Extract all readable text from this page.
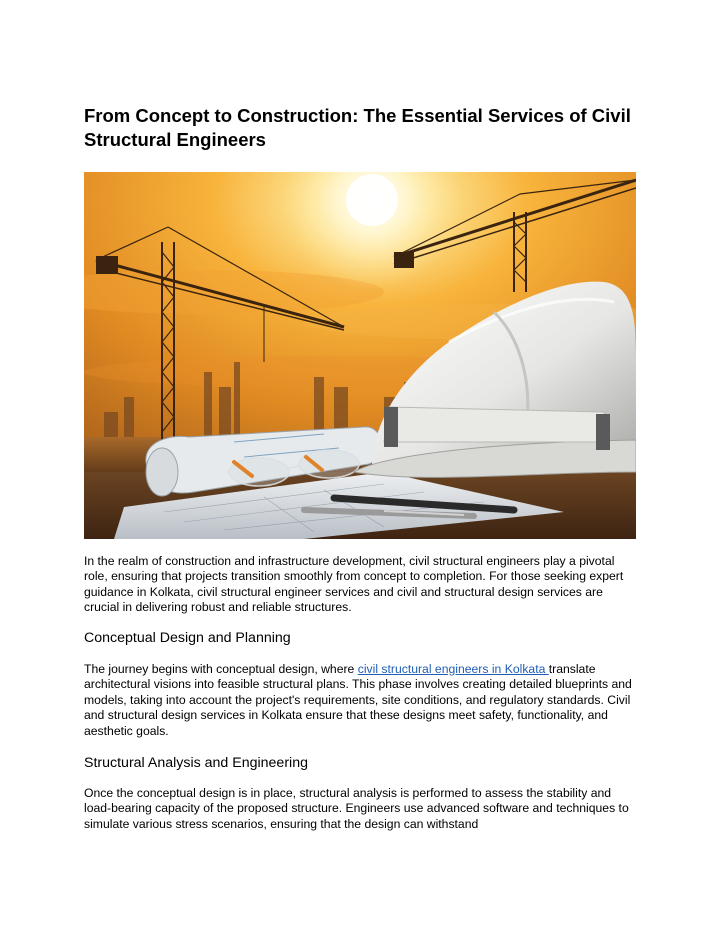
From Concept to Construction: The Essential Services of Civil Structural Engineers

In the realm of construction and infrastructure development, civil structural engineers play a pivotal role, ensuring that projects transition smoothly from concept to completion. For those seeking expert guidance in Kolkata, civil structural engineer services and civil and structural design services are crucial in delivering robust and reliable structures.

Conceptual Design and Planning

The journey begins with conceptual design, where civil structural engineers in Kolkata translate architectural visions into feasible structural plans. This phase involves creating detailed blueprints and models, taking into account the project's requirements, site conditions, and regulatory standards. Civil and structural design services in Kolkata ensure that these designs meet safety, functionality, and aesthetic goals.

Structural Analysis and Engineering

Once the conceptual design is in place, structural analysis is performed to assess the stability and load-bearing capacity of the proposed structure. Engineers use advanced software and techniques to simulate various stress scenarios, ensuring that the design can withstand
